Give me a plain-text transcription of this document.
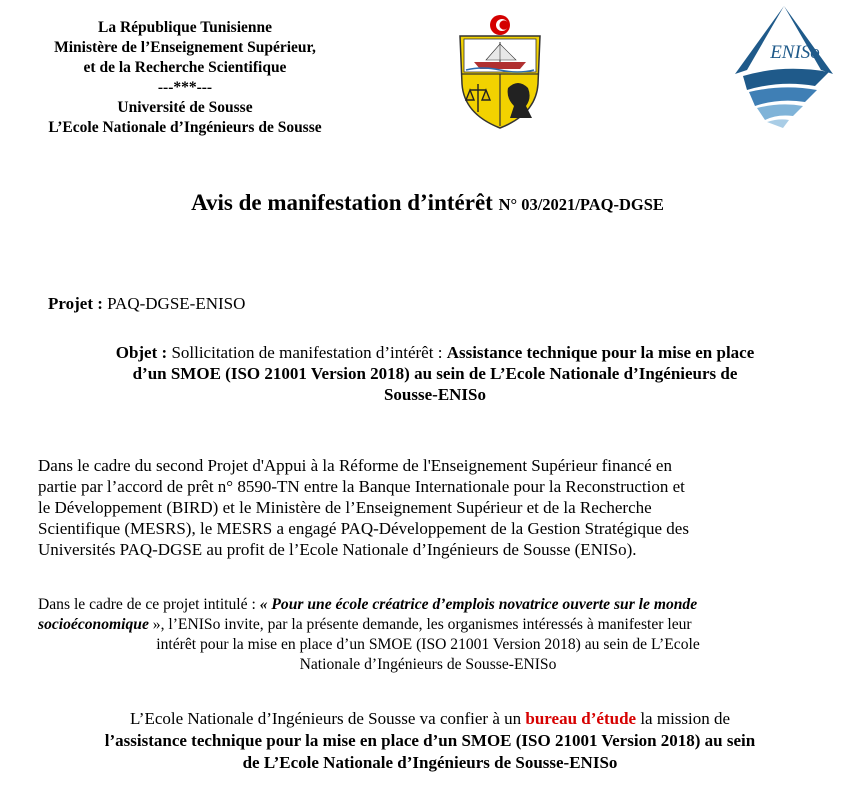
La République Tunisienne
Ministère de l’Enseignement Supérieur,
et de la Recherche Scientifique
---***---
Université de Sousse
L’Ecole Nationale d’Ingénieurs de Sousse
ENISo
Avis de manifestation d’intérêt N° 03/2021/PAQ-DGSE
Projet : PAQ-DGSE-ENISO
Objet : Sollicitation de manifestation d’intérêt : Assistance technique pour la mise en place
d’un SMOE (ISO 21001 Version 2018) au sein de L’Ecole Nationale d’Ingénieurs de
Sousse-ENISo
Dans le cadre du second Projet d'Appui à la Réforme de l'Enseignement Supérieur financé en
partie par l’accord de prêt n° 8590-TN entre la Banque Internationale pour la Reconstruction et
le Développement (BIRD) et le Ministère de l’Enseignement Supérieur et de la Recherche
Scientifique (MESRS), le MESRS a engagé PAQ-Développement de la Gestion Stratégique des
Universités PAQ-DGSE au profit de l’Ecole Nationale d’Ingénieurs de Sousse (ENISo).
Dans le cadre de ce projet intitulé : « Pour une école créatrice d’emplois novatrice ouverte sur le monde
socioéconomique », l’ENISo invite, par la présente demande, les organismes intéressés à manifester leur
intérêt pour la mise en place d’un SMOE (ISO 21001 Version 2018) au sein de L’Ecole
Nationale d’Ingénieurs de Sousse-ENISo
L’Ecole Nationale d’Ingénieurs de Sousse va confier à un bureau d’étude la mission de
l’assistance technique pour la mise en place d’un SMOE (ISO 21001 Version 2018) au sein
de L’Ecole Nationale d’Ingénieurs de Sousse-ENISo
